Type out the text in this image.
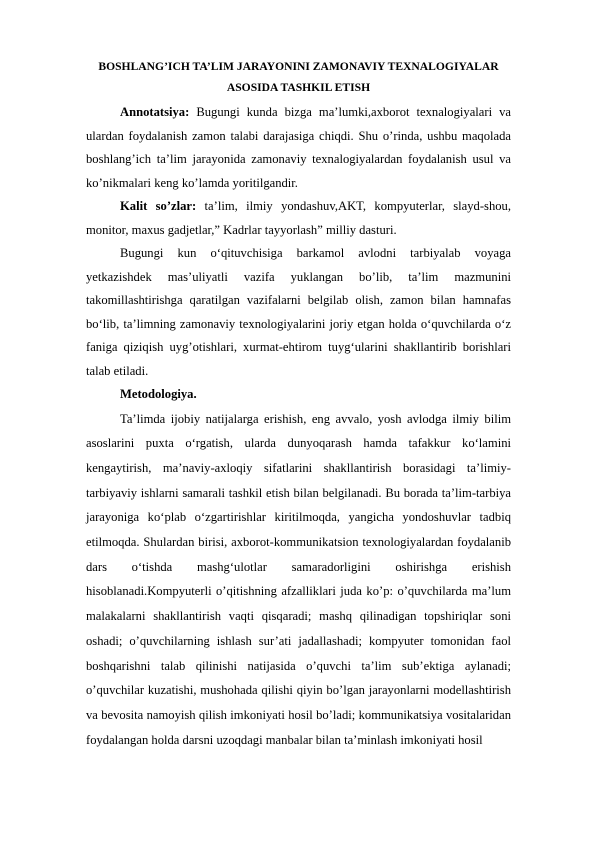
BOSHLANG’ICH TA’LIM JARAYONINI ZAMONAVIY TEXNALOGIYALAR
ASOSIDA TASHKIL ETISH

Annotatsiya: Bugungi kunda bizga ma’lumki,axborot texnalogiyalari va ulardan foydalanish zamon talabi darajasiga chiqdi. Shu o’rinda, ushbu maqolada boshlang’ich ta’lim jarayonida zamonaviy texnalogiyalardan foydalanish usul va ko’nikmalari keng ko’lamda yoritilgandir.

Kalit so’zlar: ta’lim, ilmiy yondashuv,AKT, kompyuterlar, slayd-shou, monitor, maxus gadjetlar,” Kadrlar tayyorlash” milliy dasturi.

Bugungi kun o‘qituvchisiga barkamol avlodni tarbiyalab voyaga yetkazishdek mas’uliyatli vazifa yuklangan bo’lib, ta’lim mazmunini takomillashtirishga qaratilgan vazifalarni belgilab olish, zamon bilan hamnafas bo‘lib, ta’limning zamonaviy texnologiyalarini joriy etgan holda o‘quvchilarda o‘z faniga qiziqish uyg’otishlari, xurmat-ehtirom tuyg‘ularini shakllantirib borishlari talab etiladi.

Metodologiya.

Ta’limda ijobiy natijalarga erishish, eng avvalo, yosh avlodga ilmiy bilim asoslarini puxta o‘rgatish, ularda dunyoqarash hamda tafakkur ko‘lamini kengaytirish, ma’naviy-axloqiy sifatlarini shakllantirish borasidagi ta’limiy-tarbiyaviy ishlarni samarali tashkil etish bilan belgilanadi. Bu borada ta’lim-tarbiya jarayoniga ko‘plab o‘zgartirishlar kiritilmoqda, yangicha yondoshuvlar tadbiq etilmoqda. Shulardan birisi, axborot-kommunikatsion texnologiyalardan foydalanib dars o‘tishda mashg‘ulotlar samaradorligini oshirishga erishish hisoblanadi.Kompyuterli o’qitishning afzalliklari juda ko’p: o’quvchilarda ma’lum malakalarni shakllantirish vaqti qisqaradi; mashq qilinadigan topshiriqlar soni oshadi; o’quvchilarning ishlash sur’ati jadallashadi; kompyuter tomonidan faol boshqarishni talab qilinishi natijasida o’quvchi ta’lim sub’ektiga aylanadi; o’quvchilar kuzatishi, mushohada qilishi qiyin bo’lgan jarayonlarni modellashtirish va bevosita namoyish qilish imkoniyati hosil bo’ladi; kommunikatsiya vositalaridan foydalangan holda darsni uzoqdagi manbalar bilan ta’minlash imkoniyati hosil
